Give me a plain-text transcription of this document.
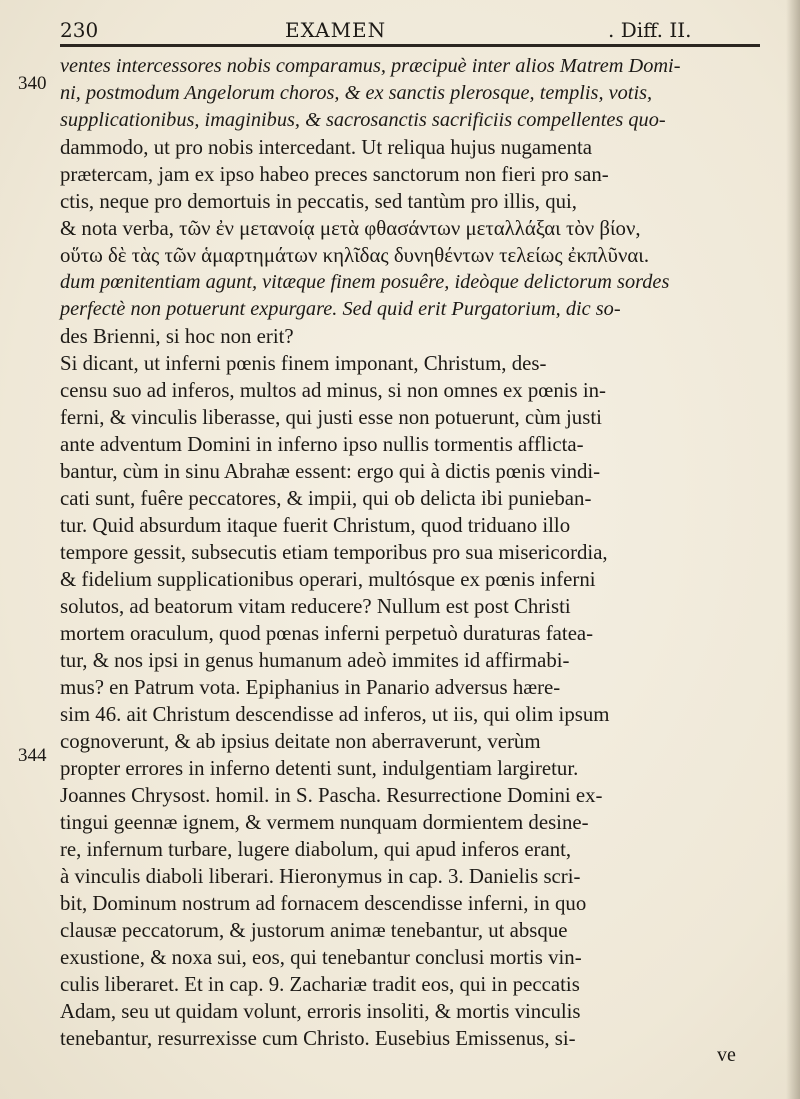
230	EXAMEN	. Diff. II.
340
344
ventes intercessores nobis comparamus, præcipuè inter alios Matrem Domi-
ni, postmodum Angelorum choros, & ex sanctis plerosque, templis, votis,
supplicationibus, imaginibus, & sacrosanctis sacrificiis compellentes quo-
dammodo, ut pro nobis intercedant. Ut reliqua hujus nugamenta
prætercam, jam ex ipso habeo preces sanctorum non fieri pro san-
ctis, neque pro demortuis in peccatis, sed tantùm pro illis, qui,
& nota verba, τῶν ἐν μετανοίᾳ μετὰ φθασάντων μεταλλάξαι τὸν βίον,
οὕτω δὲ τὰς τῶν ἁμαρτημάτων κηλῖδας δυνηθέντων τελείως ἐκπλῦναι.
dum pœnitentiam agunt, vitæque finem posuêre, ideòque delictorum sordes
perfectè non potuerunt expurgare. Sed quid erit Purgatorium, dic so-
des Brienni, si hoc non erit?
Si dicant, ut inferni pœnis finem imponant, Christum, des-
censu suo ad inferos, multos ad minus, si non omnes ex pœnis in-
ferni, & vinculis liberasse, qui justi esse non potuerunt, cùm justi
ante adventum Domini in inferno ipso nullis tormentis afflicta-
bantur, cùm in sinu Abrahæ essent: ergo qui à dictis pœnis vindi-
cati sunt, fuêre peccatores, & impii, qui ob delicta ibi punieban-
tur. Quid absurdum itaque fuerit Christum, quod triduano illo
tempore gessit, subsecutis etiam temporibus pro sua misericordia,
& fidelium supplicationibus operari, multósque ex pœnis inferni
solutos, ad beatorum vitam reducere? Nullum est post Christi
mortem oraculum, quod pœnas inferni perpetuò duraturas fatea-
tur, & nos ipsi in genus humanum adeò immites id affirmabi-
mus? en Patrum vota. Epiphanius in Panario adversus hære-
sim 46. ait Christum descendisse ad inferos, ut iis, qui olim ipsum
cognoverunt, & ab ipsius deitate non aberraverunt, verùm
propter errores in inferno detenti sunt, indulgentiam largiretur.
Joannes Chrysost. homil. in S. Pascha. Resurrectione Domini ex-
tingui geennæ ignem, & vermem nunquam dormientem desine-
re, infernum turbare, lugere diabolum, qui apud inferos erant,
à vinculis diaboli liberari. Hieronymus in cap. 3. Danielis scri-
bit, Dominum nostrum ad fornacem descendisse inferni, in quo
clausæ peccatorum, & justorum animæ tenebantur, ut absque
exustione, & noxa sui, eos, qui tenebantur conclusi mortis vin-
culis liberaret. Et in cap. 9. Zachariæ tradit eos, qui in peccatis
Adam, seu ut quidam volunt, erroris insoliti, & mortis vinculis
tenebantur, resurrexisse cum Christo. Eusebius Emissenus, si-
ve
